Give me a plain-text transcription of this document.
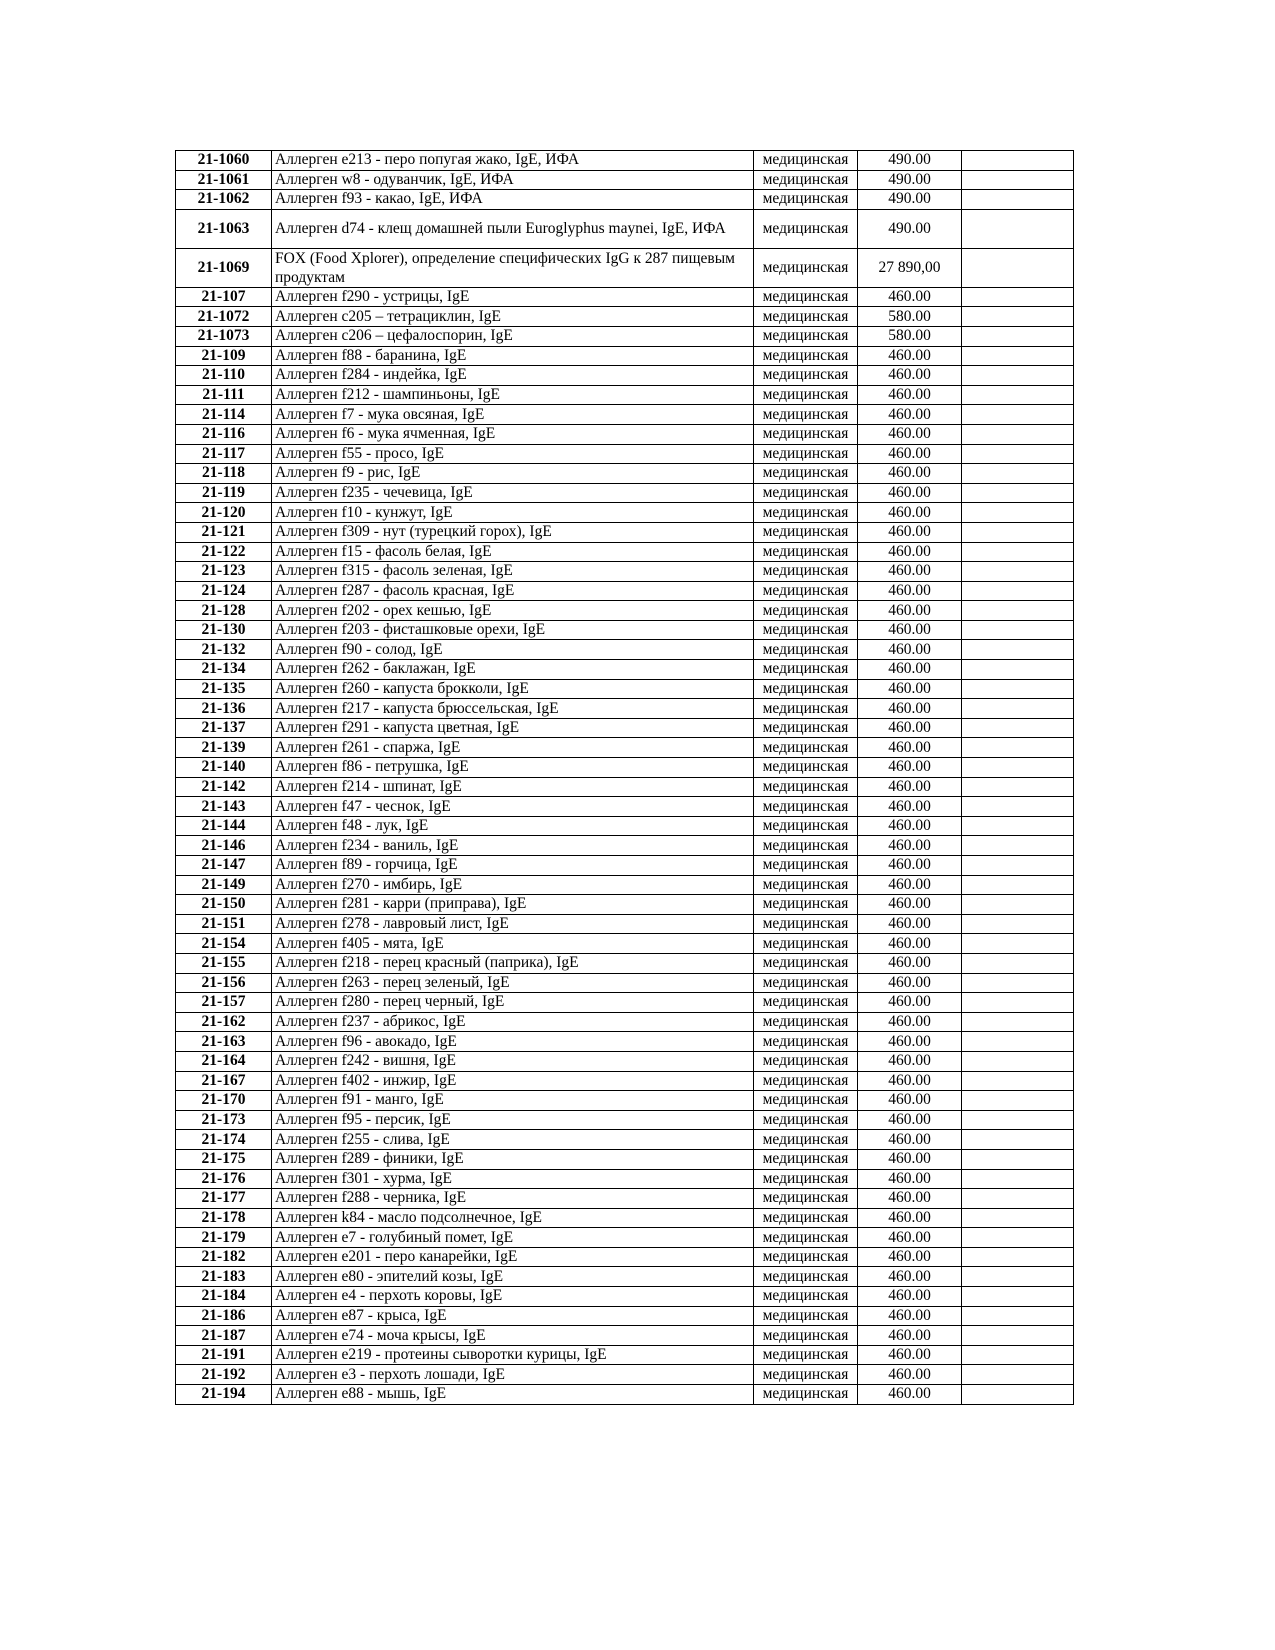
21-1060	Аллерген e213 - перо попугая жако, IgE, ИФА	медицинская	490.00	
21-1061	Аллерген w8 - одуванчик, IgE, ИФА	медицинская	490.00	
21-1062	Аллерген f93 - какао, IgE, ИФА	медицинская	490.00	
21-1063	Аллерген d74 - клещ домашней пыли Euroglyphus maynei, IgE, ИФА	медицинская	490.00	
21-1069	FOX (Food Xplorer), определение специфических IgG к 287 пищевым продуктам	медицинская	27 890,00	
21-107	Аллерген f290 - устрицы, IgE	медицинская	460.00	
21-1072	Аллерген c205 – тетрациклин, IgE	медицинская	580.00	
21-1073	Аллерген c206 – цефалоспорин, IgE	медицинская	580.00	
21-109	Аллерген f88 - баранина, IgE	медицинская	460.00	
21-110	Аллерген f284 - индейка, IgE	медицинская	460.00	
21-111	Аллерген f212 - шампиньоны, IgE	медицинская	460.00	
21-114	Аллерген f7 - мука овсяная, IgE	медицинская	460.00	
21-116	Аллерген f6 - мука ячменная, IgE	медицинская	460.00	
21-117	Аллерген f55 - просо, IgE	медицинская	460.00	
21-118	Аллерген f9 - рис, IgE	медицинская	460.00	
21-119	Аллерген f235 - чечевица, IgE	медицинская	460.00	
21-120	Аллерген f10 - кунжут, IgE	медицинская	460.00	
21-121	Аллерген f309 - нут (турецкий горох), IgE	медицинская	460.00	
21-122	Аллерген f15 - фасоль белая, IgE	медицинская	460.00	
21-123	Аллерген f315 - фасоль зеленая, IgE	медицинская	460.00	
21-124	Аллерген f287 - фасоль красная, IgE	медицинская	460.00	
21-128	Аллерген f202 - орех кешью, IgE	медицинская	460.00	
21-130	Аллерген f203 - фисташковые орехи, IgE	медицинская	460.00	
21-132	Аллерген f90 - солод, IgE	медицинская	460.00	
21-134	Аллерген f262 - баклажан, IgE	медицинская	460.00	
21-135	Аллерген f260 - капуста брокколи, IgE	медицинская	460.00	
21-136	Аллерген f217 - капуста брюссельская, IgE	медицинская	460.00	
21-137	Аллерген f291 - капуста цветная, IgE	медицинская	460.00	
21-139	Аллерген f261 - спаржа, IgE	медицинская	460.00	
21-140	Аллерген f86 - петрушка, IgE	медицинская	460.00	
21-142	Аллерген f214 - шпинат, IgE	медицинская	460.00	
21-143	Аллерген f47 - чеснок, IgE	медицинская	460.00	
21-144	Аллерген f48 - лук, IgE	медицинская	460.00	
21-146	Аллерген f234 - ваниль, IgE	медицинская	460.00	
21-147	Аллерген f89 - горчица, IgE	медицинская	460.00	
21-149	Аллерген f270 - имбирь, IgE	медицинская	460.00	
21-150	Аллерген f281 - карри (приправа), IgE	медицинская	460.00	
21-151	Аллерген f278 - лавровый лист, IgE	медицинская	460.00	
21-154	Аллерген f405 - мята, IgE	медицинская	460.00	
21-155	Аллерген f218 - перец красный (паприка), IgE	медицинская	460.00	
21-156	Аллерген f263 - перец зеленый, IgE	медицинская	460.00	
21-157	Аллерген f280 - перец черный, IgE	медицинская	460.00	
21-162	Аллерген f237 - абрикос, IgE	медицинская	460.00	
21-163	Аллерген f96 - авокадо, IgE	медицинская	460.00	
21-164	Аллерген f242 - вишня, IgE	медицинская	460.00	
21-167	Аллерген f402 - инжир, IgE	медицинская	460.00	
21-170	Аллерген f91 - манго, IgE	медицинская	460.00	
21-173	Аллерген f95 - персик, IgE	медицинская	460.00	
21-174	Аллерген f255 - слива, IgE	медицинская	460.00	
21-175	Аллерген f289 - финики, IgE	медицинская	460.00	
21-176	Аллерген f301 - хурма, IgE	медицинская	460.00	
21-177	Аллерген f288 - черника, IgE	медицинская	460.00	
21-178	Аллерген k84 - масло подсолнечное, IgE	медицинская	460.00	
21-179	Аллерген e7 - голубиный помет, IgE	медицинская	460.00	
21-182	Аллерген e201 - перо канарейки, IgE	медицинская	460.00	
21-183	Аллерген e80 - эпителий козы, IgE	медицинская	460.00	
21-184	Аллерген e4 - перхоть коровы, IgE	медицинская	460.00	
21-186	Аллерген e87 - крыса, IgE	медицинская	460.00	
21-187	Аллерген e74 - моча крысы, IgE	медицинская	460.00	
21-191	Аллерген e219 - протеины сыворотки курицы, IgE	медицинская	460.00	
21-192	Аллерген e3 - перхоть лошади, IgE	медицинская	460.00	
21-194	Аллерген e88 - мышь, IgE	медицинская	460.00	
